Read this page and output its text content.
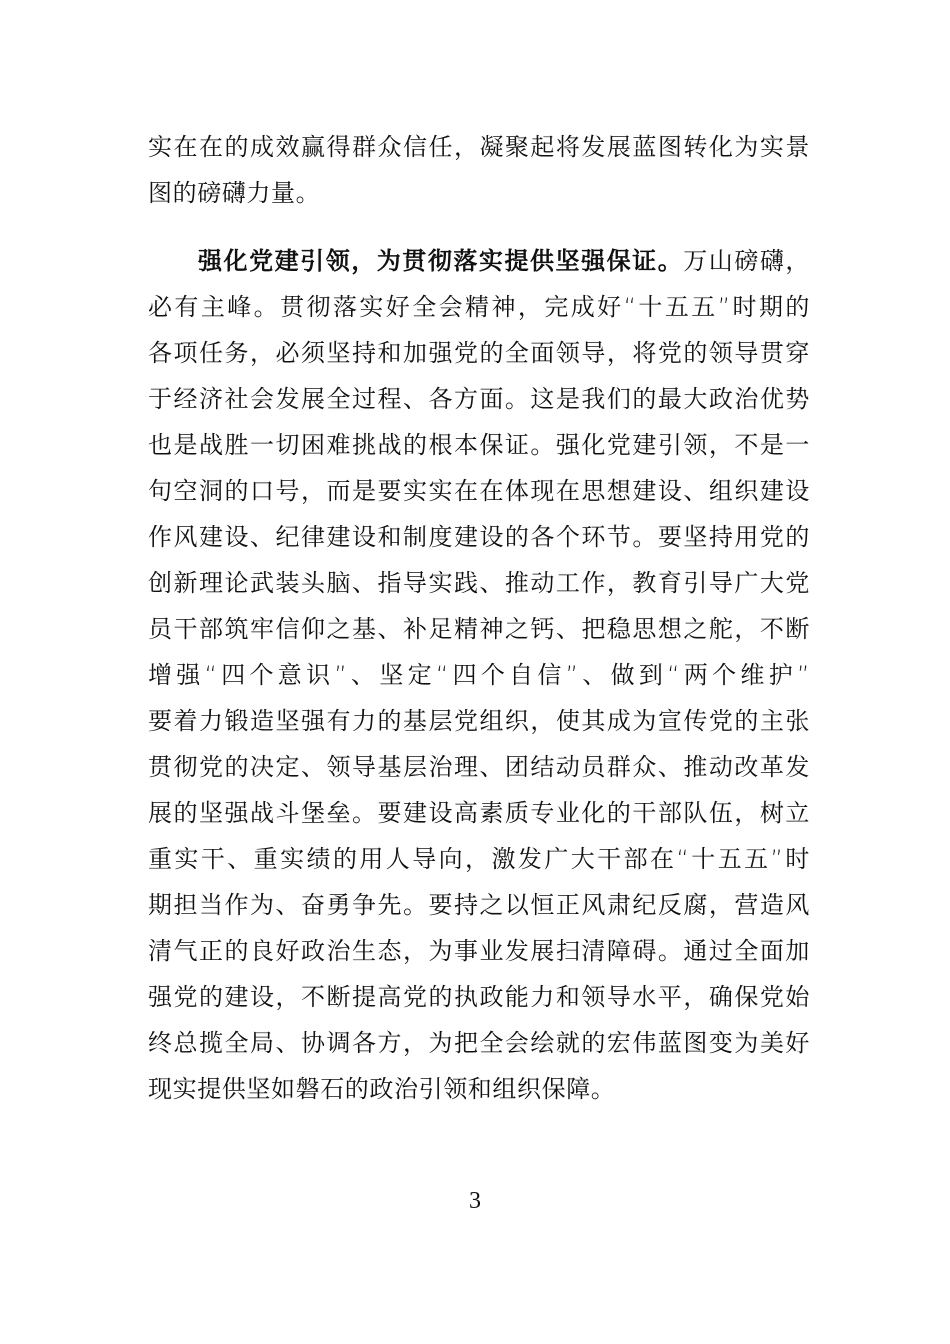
实在在的成效赢得群众信任，凝聚起将发展蓝图转化为实景
图的磅礴力量。
强化党建引领，为贯彻落实提供坚强保证。万山磅礴，
必有主峰。贯彻落实好全会精神，完成好“十五五”时期的
各项任务，必须坚持和加强党的全面领导，将党的领导贯穿
于经济社会发展全过程、各方面。这是我们的最大政治优势
也是战胜一切困难挑战的根本保证。强化党建引领，不是一
句空洞的口号，而是要实实在在体现在思想建设、组织建设
作风建设、纪律建设和制度建设的各个环节。要坚持用党的
创新理论武装头脑、指导实践、推动工作，教育引导广大党
员干部筑牢信仰之基、补足精神之钙、把稳思想之舵，不断
增强“四个意识”、坚定“四个自信”、做到“两个维护”
要着力锻造坚强有力的基层党组织，使其成为宣传党的主张
贯彻党的决定、领导基层治理、团结动员群众、推动改革发
展的坚强战斗堡垒。要建设高素质专业化的干部队伍，树立
重实干、重实绩的用人导向，激发广大干部在“十五五”时
期担当作为、奋勇争先。要持之以恒正风肃纪反腐，营造风
清气正的良好政治生态，为事业发展扫清障碍。通过全面加
强党的建设，不断提高党的执政能力和领导水平，确保党始
终总揽全局、协调各方，为把全会绘就的宏伟蓝图变为美好
现实提供坚如磐石的政治引领和组织保障。
3
